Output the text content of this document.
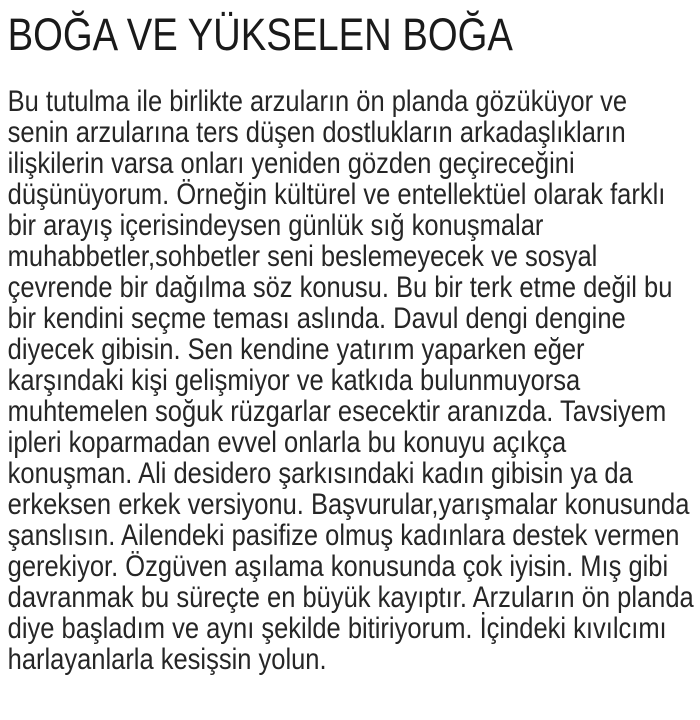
BOĞA VE YÜKSELEN BOĞA
Bu tutulma ile birlikte arzuların ön planda gözüküyor ve
senin arzularına ters düşen dostlukların arkadaşlıkların
ilişkilerin varsa onları yeniden gözden geçireceğini
düşünüyorum. Örneğin kültürel ve entellektüel olarak farklı
bir arayış içerisindeysen günlük sığ konuşmalar
muhabbetler,sohbetler seni beslemeyecek ve sosyal
çevrende bir dağılma söz konusu. Bu bir terk etme değil bu
bir kendini seçme teması aslında. Davul dengi dengine
diyecek gibisin. Sen kendine yatırım yaparken eğer
karşındaki kişi gelişmiyor ve katkıda bulunmuyorsa
muhtemelen soğuk rüzgarlar esecektir aranızda. Tavsiyem
ipleri koparmadan evvel onlarla bu konuyu açıkça
konuşman. Ali desidero şarkısındaki kadın gibisin ya da
erkeksen erkek versiyonu. Başvurular,yarışmalar konusunda
şanslısın. Ailendeki pasifize olmuş kadınlara destek vermen
gerekiyor. Özgüven aşılama konusunda çok iyisin. Mış gibi
davranmak bu süreçte en büyük kayıptır. Arzuların ön planda
diye başladım ve aynı şekilde bitiriyorum. İçindeki kıvılcımı
harlayanlarla kesişsin yolun.
